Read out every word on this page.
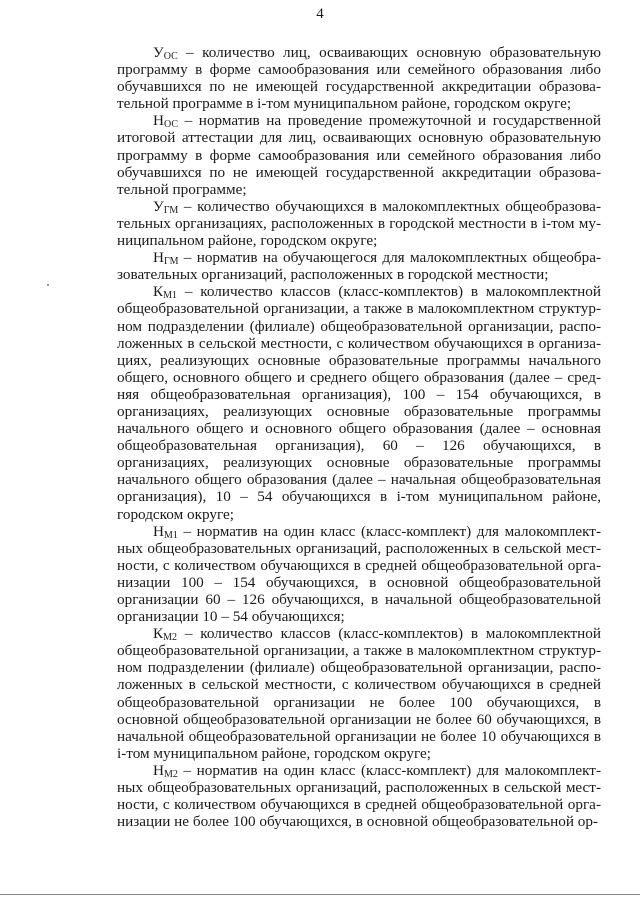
4

$У_{ОС}$ – количество лиц, осваивающих основную образовательную программу в форме самообразования или семейного образования либо обучавшихся по не имеющей государственной аккредитации образовательной программе в i-том муниципальном районе, городском округе;

$Н_{ОС}$ – норматив на проведение промежуточной и государственной итоговой аттестации для лиц, осваивающих основную образовательную программу в форме самообразования или семейного образования либо обучавшихся по не имеющей государственной аккредитации образовательной программе;

$У_{ГМ}$ – количество обучающихся в малокомплектных общеобразовательных организациях, расположенных в городской местности в i-том муниципальном районе, городском округе;

$Н_{ГМ}$ – норматив на обучающегося для малокомплектных общеобразовательных организаций, расположенных в городской местности;

$К_{М1}$ – количество классов (класс-комплектов) в малокомплектной общеобразовательной организации, а также в малокомплектном структурном подразделении (филиале) общеобразовательной организации, расположенных в сельской местности, с количеством обучающихся в организациях, реализующих основные образовательные программы начального общего, основного общего и среднего общего образования (далее – средняя общеобразовательная организация), 100 – 154 обучающихся, в организациях, реализующих основные образовательные программы начального общего и основного общего образования (далее – основная общеобразовательная организация), 60 – 126 обучающихся, в организациях, реализующих основные образовательные программы начального общего образования (далее – начальная общеобразовательная организация), 10 – 54 обучающихся в i-том муниципальном районе, городском округе;

$Н_{М1}$ – норматив на один класс (класс-комплект) для малокомплектных общеобразовательных организаций, расположенных в сельской местности, с количеством обучающихся в средней общеобразовательной организации 100 – 154 обучающихся, в основной общеобразовательной организации 60 – 126 обучающихся, в начальной общеобразовательной организации 10 – 54 обучающихся;

$К_{М2}$ – количество классов (класс-комплектов) в малокомплектной общеобразовательной организации, а также в малокомплектном структурном подразделении (филиале) общеобразовательной организации, расположенных в сельской местности, с количеством обучающихся в средней общеобразовательной организации не более 100 обучающихся, в основной общеобразовательной организации не более 60 обучающихся, в начальной общеобразовательной организации не более 10 обучающихся в i-том муниципальном районе, городском округе;

$Н_{М2}$ – норматив на один класс (класс-комплект) для малокомплектных общеобразовательных организаций, расположенных в сельской местности, с количеством обучающихся в средней общеобразовательной организации не более 100 обучающихся, в основной общеобразовательной ор-
